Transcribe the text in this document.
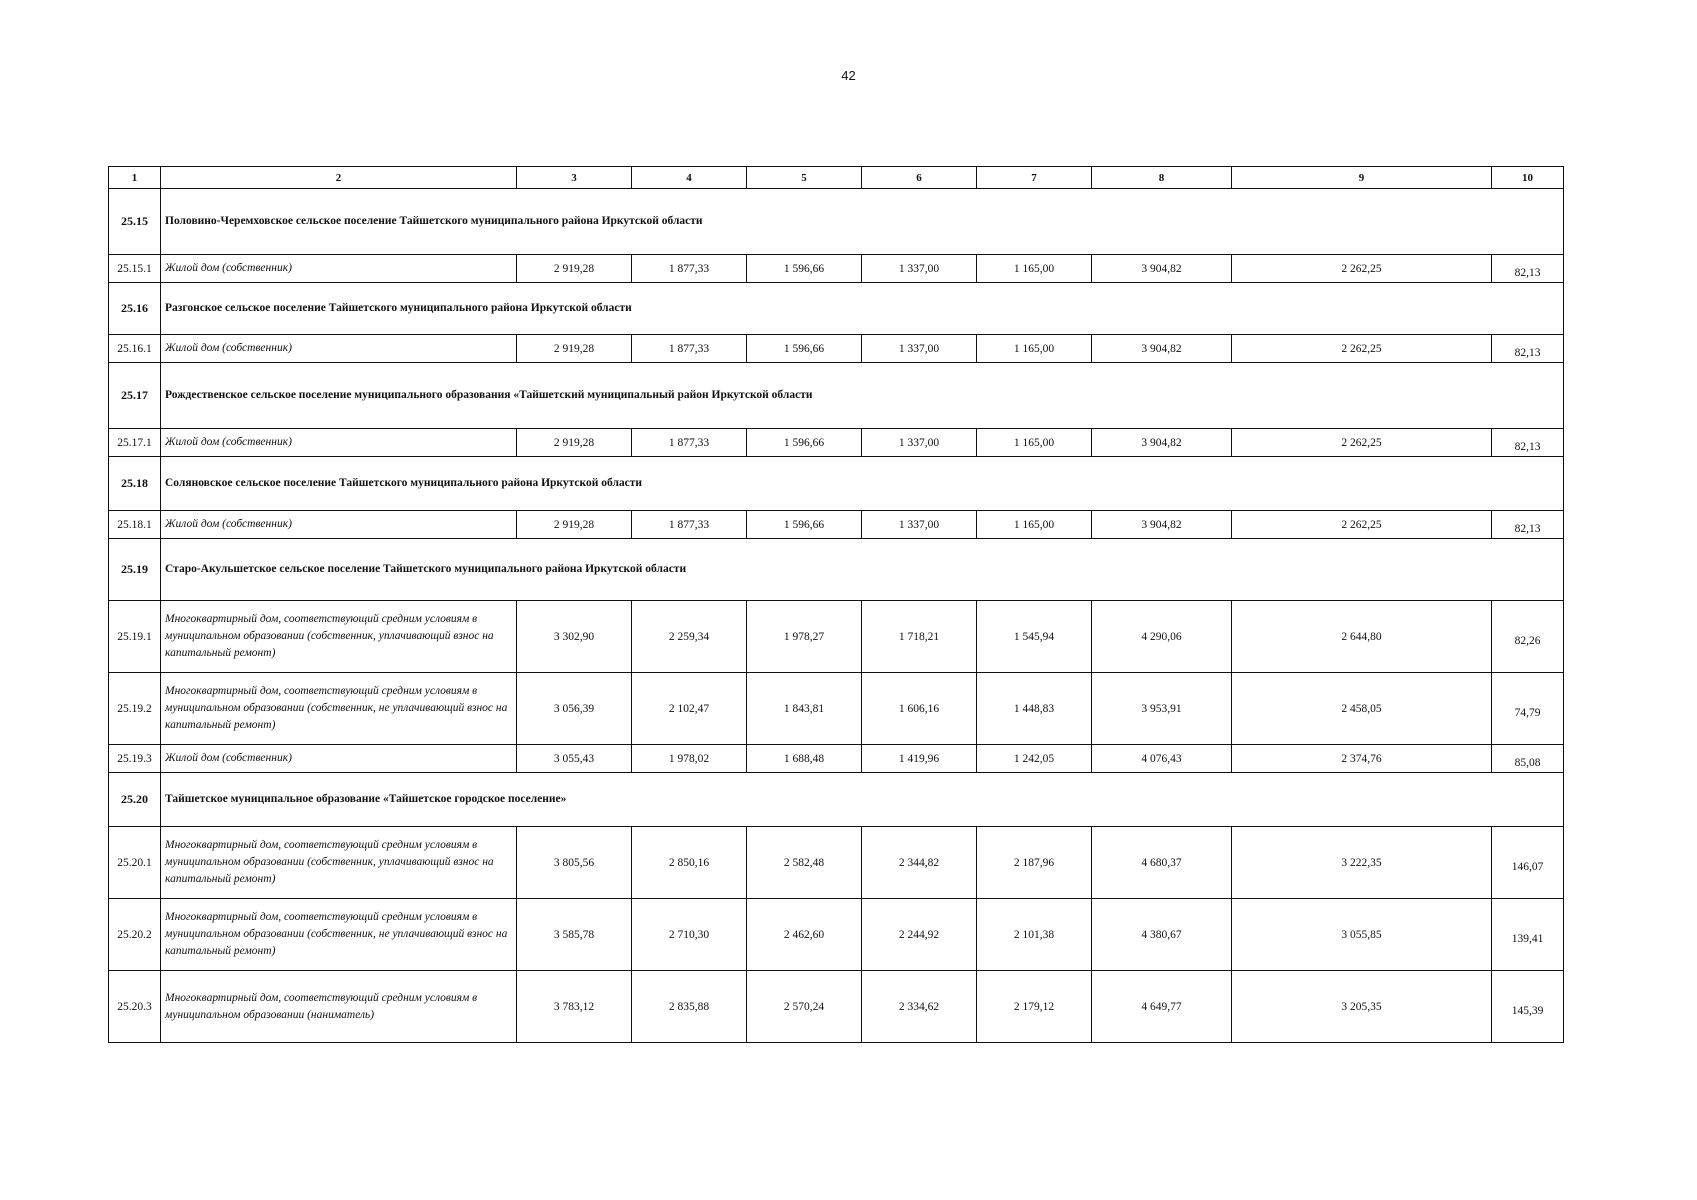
42
1	2	3	4	5	6	7	8	9	10
25.15	Половино-Черемховское сельское поселение Тайшетского муниципального района Иркутской области								
25.15.1	Жилой дом (собственник)	2 919,28	1 877,33	1 596,66	1 337,00	1 165,00	3 904,82	2 262,25	82,13
25.16	Разгонское сельское поселение Тайшетского муниципального района Иркутской области								
25.16.1	Жилой дом (собственник)	2 919,28	1 877,33	1 596,66	1 337,00	1 165,00	3 904,82	2 262,25	82,13
25.17	Рождественское сельское поселение муниципального образования «Тайшетский муниципальный район Иркутской области								
25.17.1	Жилой дом (собственник)	2 919,28	1 877,33	1 596,66	1 337,00	1 165,00	3 904,82	2 262,25	82,13
25.18	Соляновское сельское поселение Тайшетского муниципального района Иркутской области								
25.18.1	Жилой дом (собственник)	2 919,28	1 877,33	1 596,66	1 337,00	1 165,00	3 904,82	2 262,25	82,13
25.19	Старо-Акульшетское сельское поселение Тайшетского муниципального района Иркутской области								
25.19.1	Многоквартирный дом, соответствующий средним условиям в муниципальном образовании (собственник, уплачивающий взнос на капитальный ремонт)	3 302,90	2 259,34	1 978,27	1 718,21	1 545,94	4 290,06	2 644,80	82,26
25.19.2	Многоквартирный дом, соответствующий средним условиям в муниципальном образовании (собственник, не уплачивающий взнос на капитальный ремонт)	3 056,39	2 102,47	1 843,81	1 606,16	1 448,83	3 953,91	2 458,05	74,79
25.19.3	Жилой дом (собственник)	3 055,43	1 978,02	1 688,48	1 419,96	1 242,05	4 076,43	2 374,76	85,08
25.20	Тайшетское муниципальное образование «Тайшетское городское поселение»								
25.20.1	Многоквартирный дом, соответствующий средним условиям в муниципальном образовании (собственник, уплачивающий взнос на капитальный ремонт)	3 805,56	2 850,16	2 582,48	2 344,82	2 187,96	4 680,37	3 222,35	146,07
25.20.2	Многоквартирный дом, соответствующий средним условиям в муниципальном образовании (собственник, не уплачивающий взнос на капитальный ремонт)	3 585,78	2 710,30	2 462,60	2 244,92	2 101,38	4 380,67	3 055,85	139,41
25.20.3	Многоквартирный дом, соответствующий средним условиям в муниципальном образовании (наниматель)	3 783,12	2 835,88	2 570,24	2 334,62	2 179,12	4 649,77	3 205,35	145,39
